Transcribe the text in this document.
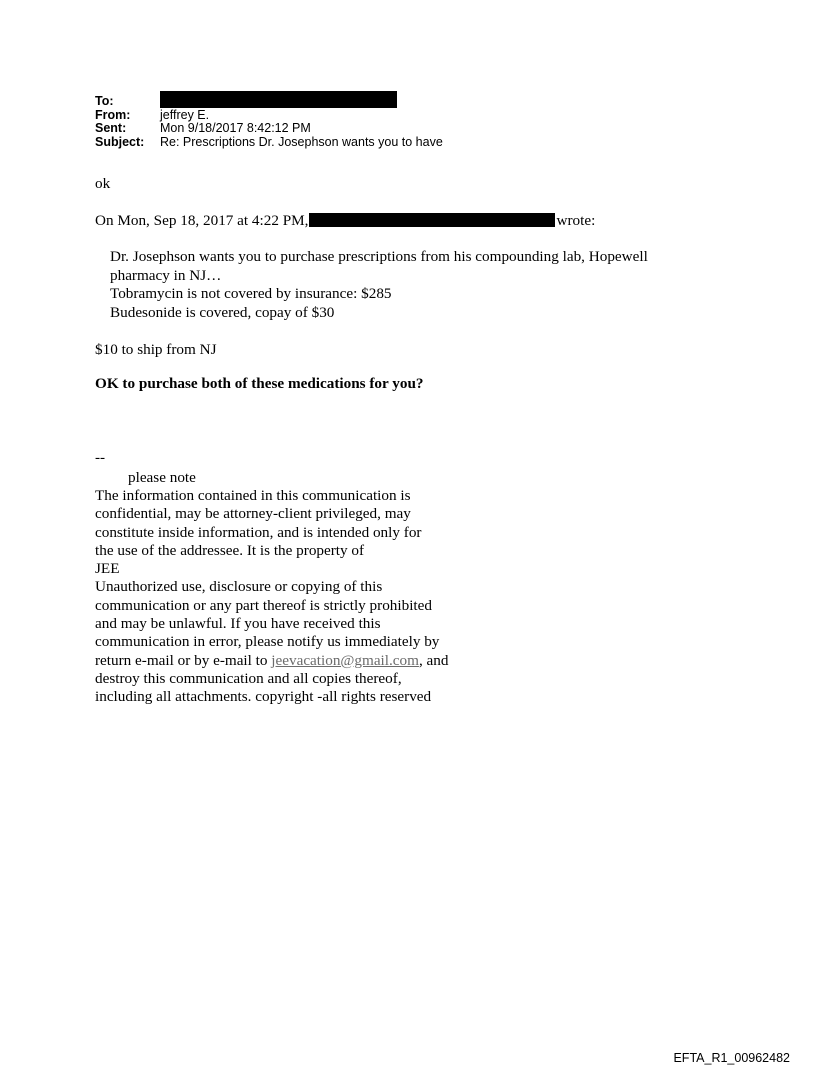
To:
From:	jeffrey E.
Sent:	Mon 9/18/2017 8:42:12 PM
Subject:	Re: Prescriptions Dr. Josephson wants you to have
ok
On Mon, Sep 18, 2017 at 4:22 PM,	wrote:
Dr. Josephson wants you to purchase prescriptions from his compounding lab, Hopewell
pharmacy in NJ…
Tobramycin is not covered by insurance: $285
Budesonide is covered, copay of $30
$10 to ship from NJ
OK to purchase both of these medications for you?
--
please note
The information contained in this communication is
confidential, may be attorney-client privileged, may
constitute inside information, and is intended only for
the use of the addressee. It is the property of
JEE
Unauthorized use, disclosure or copying of this
communication or any part thereof is strictly prohibited
and may be unlawful. If you have received this
communication in error, please notify us immediately by
return e-mail or by e-mail to jeevacation@gmail.com, and
destroy this communication and all copies thereof,
including all attachments. copyright -all rights reserved
EFTA_R1_00962482
